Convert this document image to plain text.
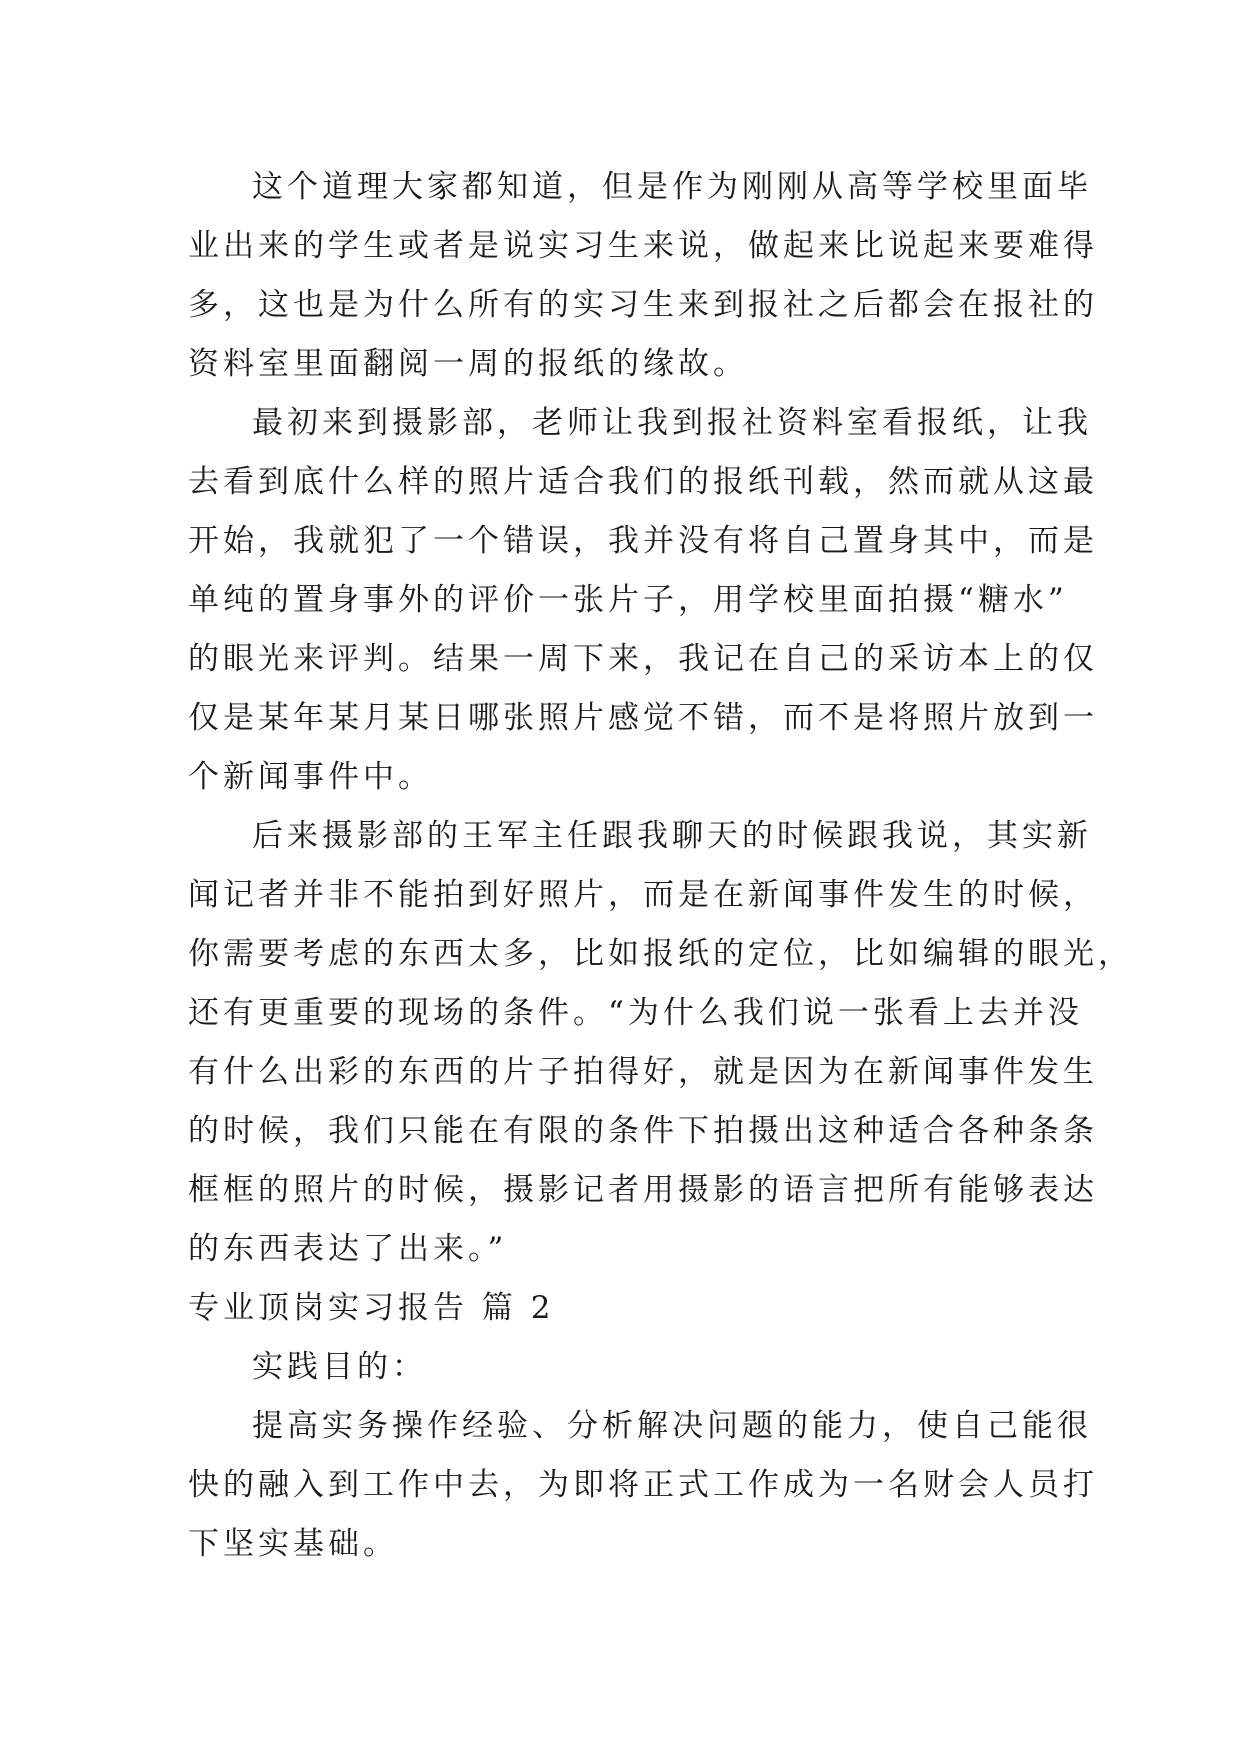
这个道理大家都知道，但是作为刚刚从高等学校里面毕
业出来的学生或者是说实习生来说，做起来比说起来要难得
多，这也是为什么所有的实习生来到报社之后都会在报社的
资料室里面翻阅一周的报纸的缘故。
最初来到摄影部，老师让我到报社资料室看报纸，让我
去看到底什么样的照片适合我们的报纸刊载，然而就从这最
开始，我就犯了一个错误，我并没有将自己置身其中，而是
单纯的置身事外的评价一张片子，用学校里面拍摄“糖水”
的眼光来评判。结果一周下来，我记在自己的采访本上的仅
仅是某年某月某日哪张照片感觉不错，而不是将照片放到一
个新闻事件中。
后来摄影部的王军主任跟我聊天的时候跟我说，其实新
闻记者并非不能拍到好照片，而是在新闻事件发生的时候，
你需要考虑的东西太多，比如报纸的定位，比如编辑的眼光，
还有更重要的现场的条件。“为什么我们说一张看上去并没
有什么出彩的东西的片子拍得好，就是因为在新闻事件发生
的时候，我们只能在有限的条件下拍摄出这种适合各种条条
框框的照片的时候，摄影记者用摄影的语言把所有能够表达
的东西表达了出来。”
专业顶岗实习报告 篇 2
实践目的：
提高实务操作经验、分析解决问题的能力，使自己能很
快的融入到工作中去，为即将正式工作成为一名财会人员打
下坚实基础。
